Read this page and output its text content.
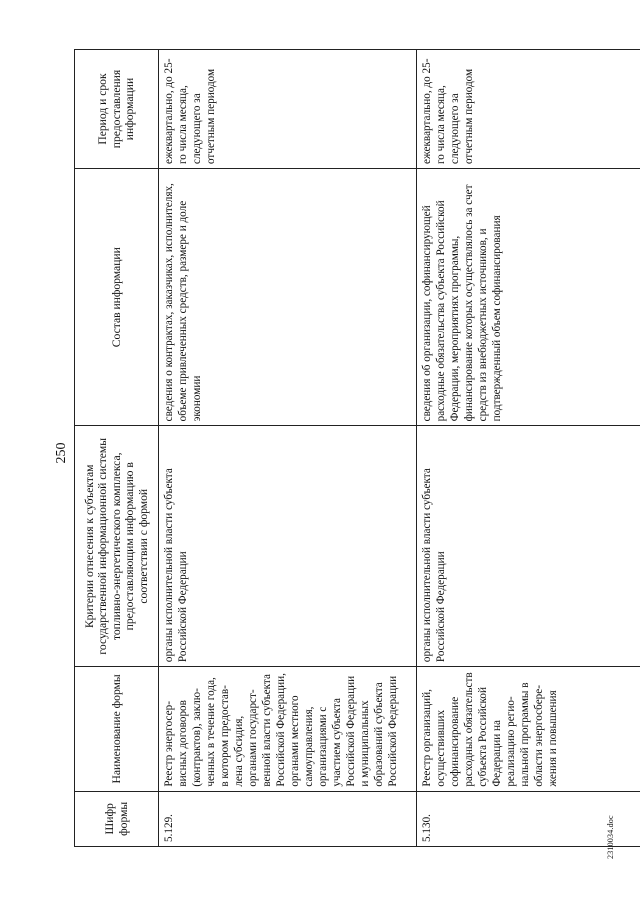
250
Шифр формы	Наименование формы	Критерии отнесения к субъектам государственной информационной системы топливно-энергетического комплекса, предоставляющим информацию в соответствии с формой	Состав информации	Период и срок предоставления информации
5.129.	Реестр энергосер-висных договоров (контрактов), заклю-ченных в течение года, в котором предостав-лена субсидия, органами государст-венной власти субъекта Российской Федерации, органами местного самоуправления, организациями с участием субъекта Российской Федерации и муниципальных образований субъекта Российской Федерации	органы исполнительной власти субъекта Российской Федерации	сведения о контрактах, заказчиках, исполнителях, объеме привлеченных средств, размере и доле экономии	ежеквартально, до 25-го числа месяца, следующего за отчетным периодом
5.130.	Реестр организаций, осуществивших софинансирование расходных обязательств субъекта Российской Федерации на реализацию регио-нальной программы в области энергосбере-жения и повышения	органы исполнительной власти субъекта Российской Федерации	сведения об организации, софинансирующей расходные обязательства субъекта Российской Федерации, мероприятиях программы, финансирование которых осуществлялось за счет средств из внебюджетных источников, и подтвержденный объем софинансирования	ежеквартально, до 25-го числа месяца, следующего за отчетным периодом
2310034.doc
